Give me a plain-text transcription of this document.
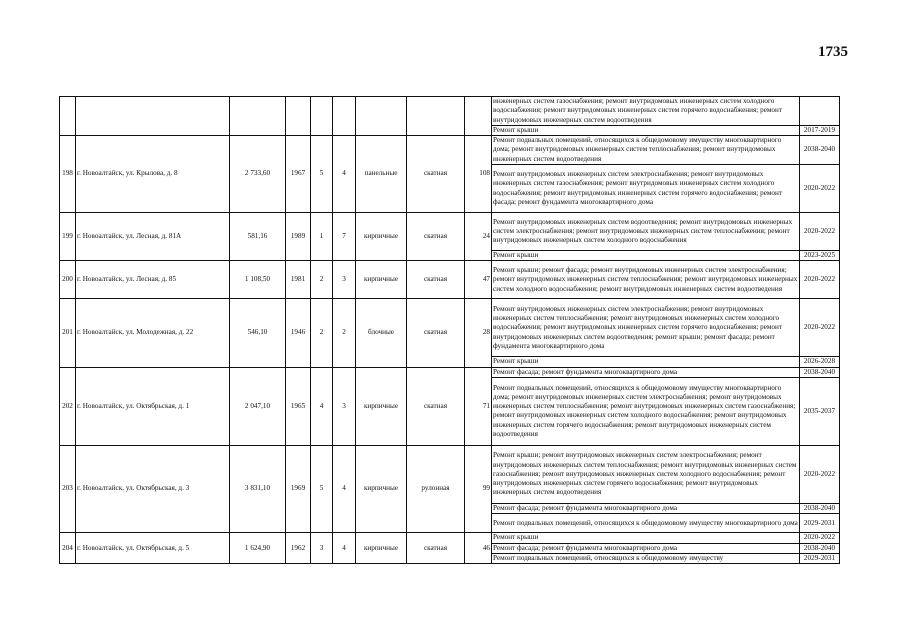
1735
									инженерных систем газоснабжения; ремонт внутридомовых инженерных систем холодного водоснабжения; ремонт внутридомовых инженерных систем горячего водоснабжения; ремонт внутридомовых инженерных систем водоотведения	
									Ремонт крыши	2017-2019
198	г. Новоалтайск, ул. Крылова, д. 8	2 733,60	1967	5	4	панельные	скатная	108	Ремонт подвальных помещений, относящихся к общедомовому имуществу многоквартирного дома; ремонт внутридомовых инженерных систем теплоснабжения; ремонт внутридомовых инженерных систем водоотведения	2038-2040
									Ремонт внутридомовых инженерных систем электроснабжения; ремонт внутридомовых инженерных систем газоснабжения; ремонт внутридомовых инженерных систем холодного водоснабжения; ремонт внутридомовых инженерных систем горячего водоснабжения; ремонт фасада; ремонт фундамента многоквартирного дома	2020-2022
199	г. Новоалтайск, ул. Лесная, д. 81А	581,16	1989	1	7	кирпичные	скатная	24	Ремонт внутридомовых инженерных систем водоотведения; ремонт внутридомовых инженерных систем электроснабжения; ремонт внутридомовых инженерных систем теплоснабжения; ремонт внутридомовых инженерных систем холодного водоснабжения	2020-2022
									Ремонт крыши	2023-2025
200	г. Новоалтайск, ул. Лесная, д. 85	1 108,50	1981	2	3	кирпичные	скатная	47	Ремонт крыши; ремонт фасада; ремонт внутридомовых инженерных систем электроснабжения; ремонт внутридомовых инженерных систем теплоснабжения; ремонт внутридомовых инженерных систем холодного водоснабжения; ремонт внутридомовых инженерных систем водоотведения	2020-2022
201	г. Новоалтайск, ул. Молодежная, д. 22	546,10	1946	2	2	блочные	скатная	28	Ремонт внутридомовых инженерных систем электроснабжения; ремонт внутридомовых инженерных систем теплоснабжения; ремонт внутридомовых инженерных систем холодного водоснабжения; ремонт внутридомовых инженерных систем горячего водоснабжения; ремонт внутридомовых инженерных систем водоотведения; ремонт крыши; ремонт фасада; ремонт фундамента многоквартирного дома	2020-2022
									Ремонт крыши	2026-2028
202	г. Новоалтайск, ул. Октябрьская, д. 1	2 047,10	1965	4	3	кирпичные	скатная	71	Ремонт фасада; ремонт фундамента многоквартирного дома	2038-2040
									Ремонт подвальных помещений, относящихся к общедомовому имуществу многоквартирного дома; ремонт внутридомовых инженерных систем электроснабжения; ремонт внутридомовых инженерных систем теплоснабжения; ремонт внутридомовых инженерных систем газоснабжения; ремонт внутридомовых инженерных систем холодного водоснабжения; ремонт внутридомовых инженерных систем горячего водоснабжения; ремонт внутридомовых инженерных систем водоотведения	2035-2037
203	г. Новоалтайск, ул. Октябрьская, д. 3	3 831,10	1969	5	4	кирпичные	рулонная	99	Ремонт крыши; ремонт внутридомовых инженерных систем электроснабжения; ремонт внутридомовых инженерных систем теплоснабжения; ремонт внутридомовых инженерных систем газоснабжения; ремонт внутридомовых инженерных систем холодного водоснабжения; ремонт внутридомовых инженерных систем горячего водоснабжения; ремонт внутридомовых инженерных систем водоотведения	2020-2022
									Ремонт фасада; ремонт фундамента многоквартирного дома	2038-2040
									Ремонт подвальных помещений, относящихся к общедомовому имуществу многоквартирного дома	2029-2031
204	г. Новоалтайск, ул. Октябрьская, д. 5	1 624,90	1962	3	4	кирпичные	скатная	46	Ремонт крыши	2020-2022
									Ремонт фасада; ремонт фундамента многоквартирного дома	2038-2040
									Ремонт подвальных помещений, относящихся к общедомовому имуществу	2029-2031
